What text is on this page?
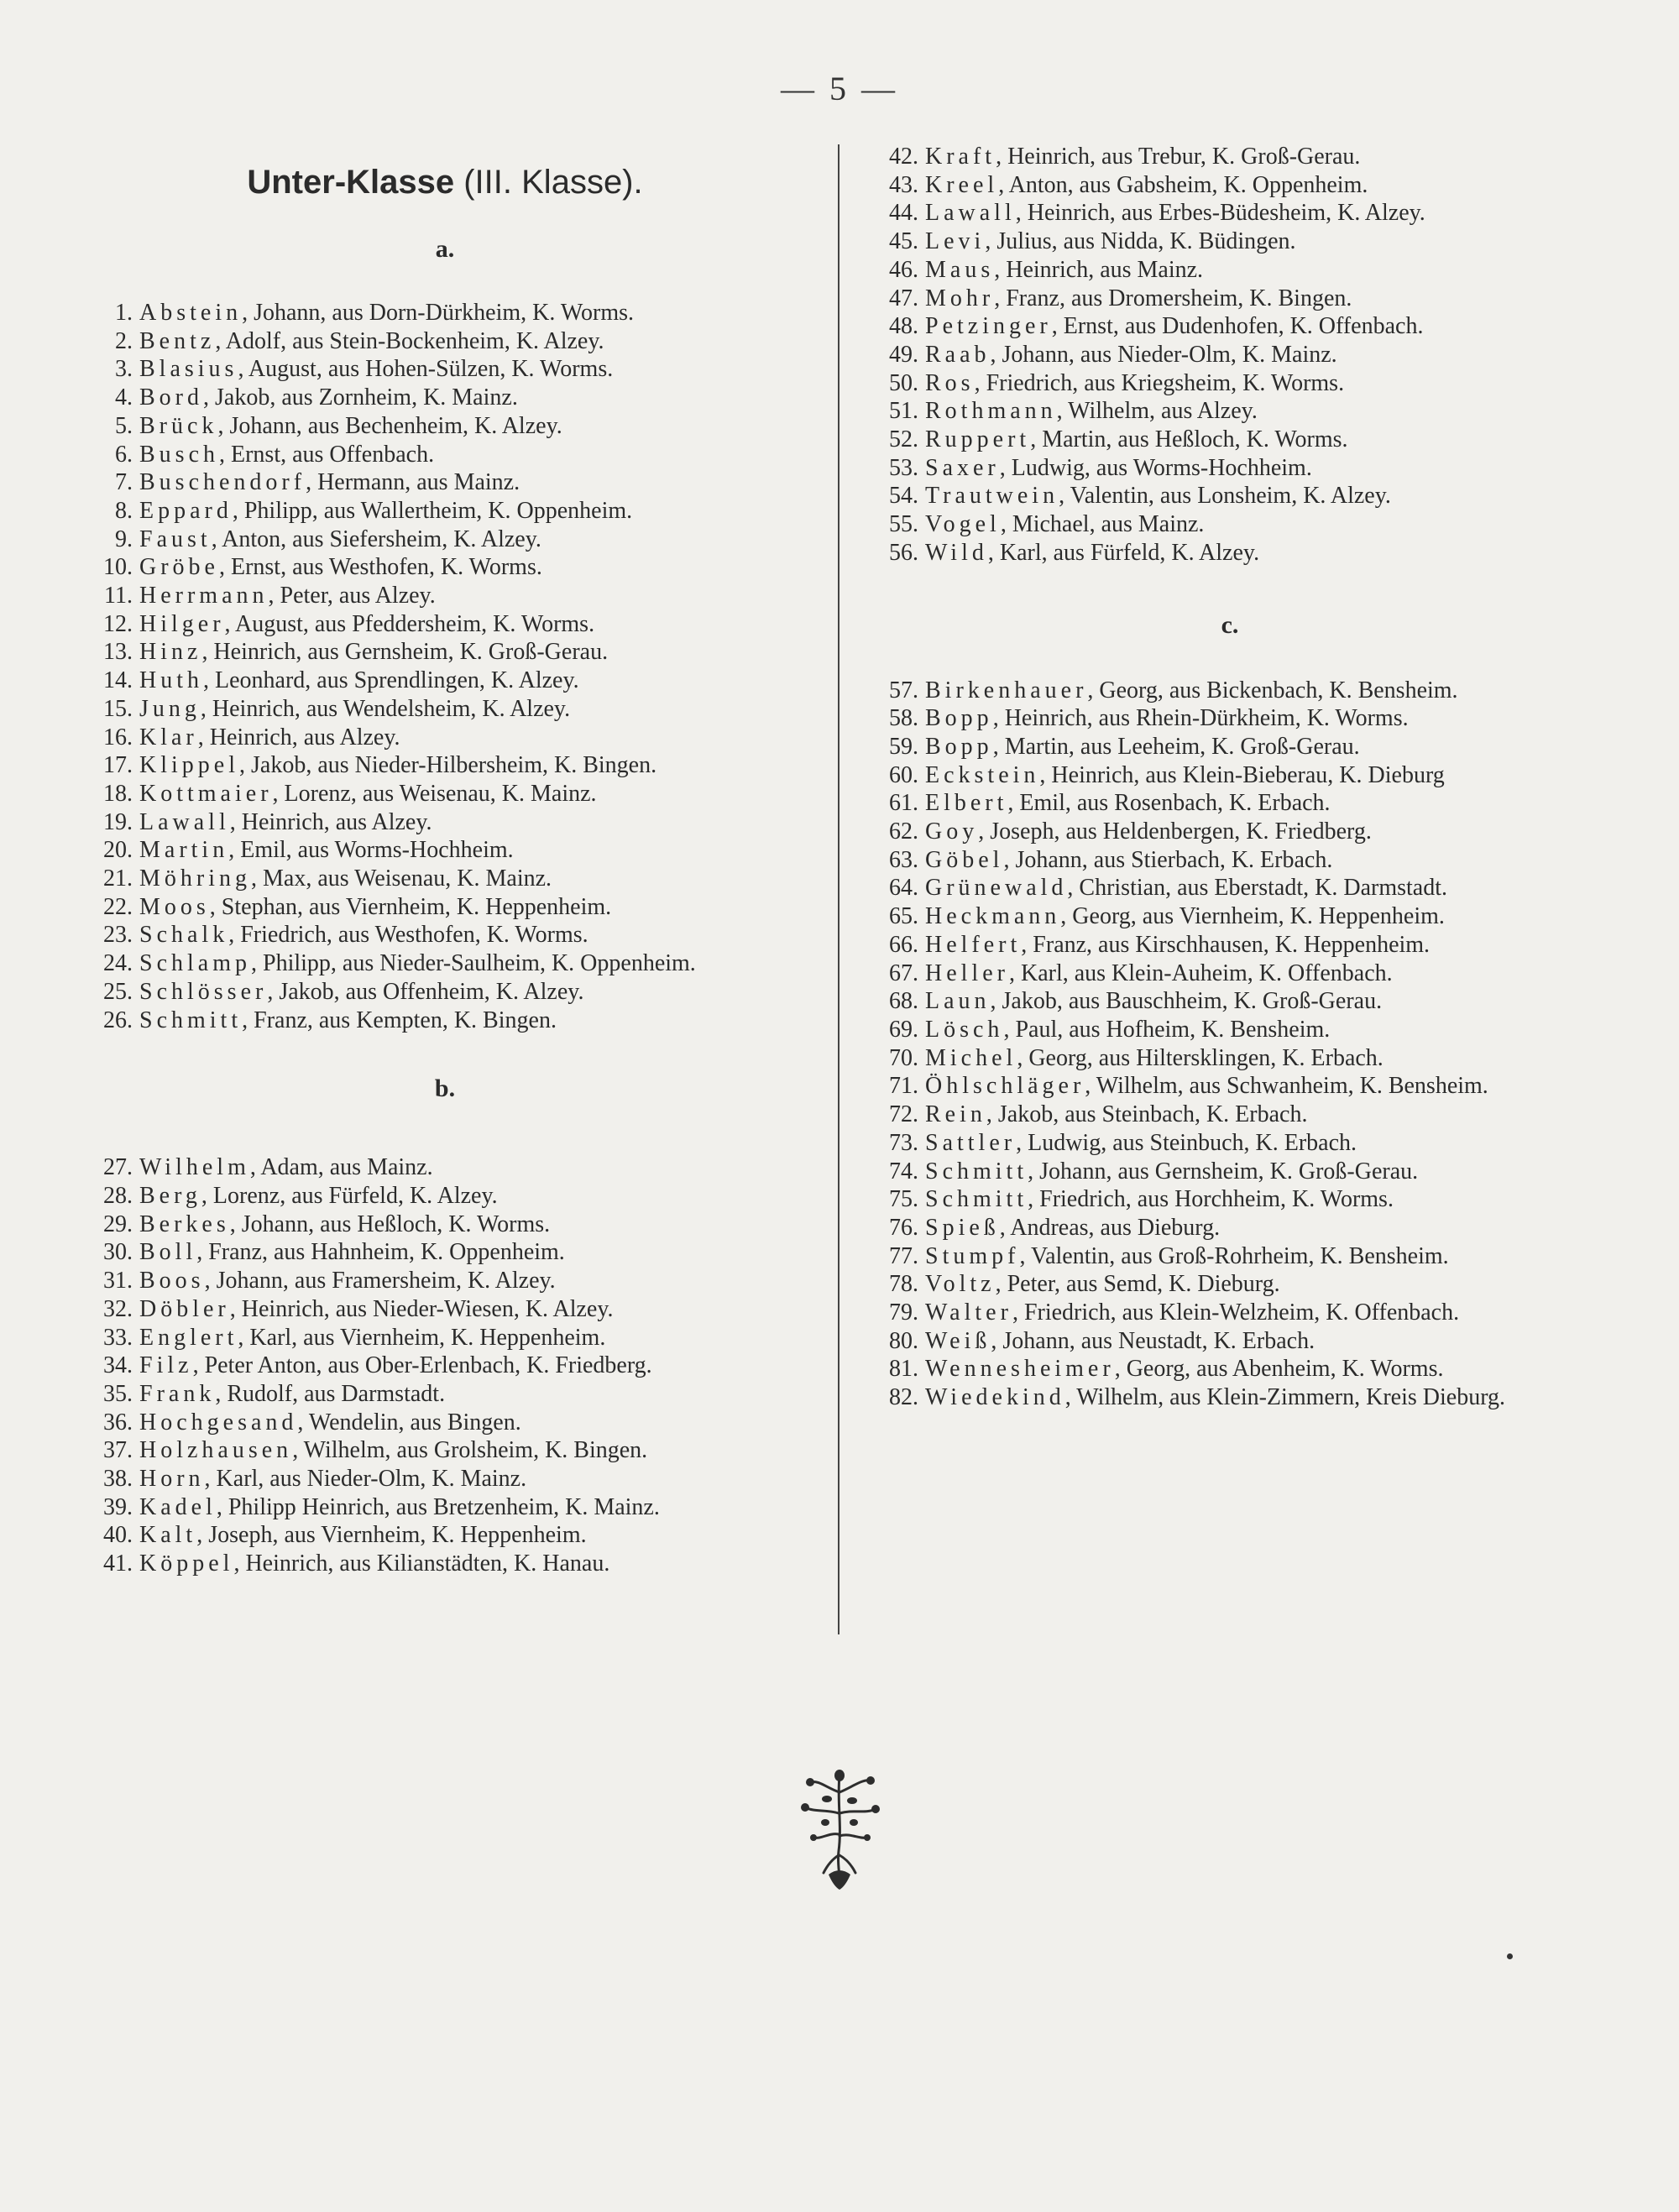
— 5 —
Unter-Klasse (III. Klasse).
a.
1. Abstein, Johann, aus Dorn-Dürkheim, K. Worms.
2. Bentz, Adolf, aus Stein-Bockenheim, K. Alzey.
3. Blasius, August, aus Hohen-Sülzen, K. Worms.
4. Bord, Jakob, aus Zornheim, K. Mainz.
5. Brück, Johann, aus Bechenheim, K. Alzey.
6. Busch, Ernst, aus Offenbach.
7. Buschendorf, Hermann, aus Mainz.
8. Eppard, Philipp, aus Wallertheim, K. Oppenheim.
9. Faust, Anton, aus Siefersheim, K. Alzey.
10. Gröbe, Ernst, aus Westhofen, K. Worms.
11. Herrmann, Peter, aus Alzey.
12. Hilger, August, aus Pfeddersheim, K. Worms.
13. Hinz, Heinrich, aus Gernsheim, K. Groß-Gerau.
14. Huth, Leonhard, aus Sprendlingen, K. Alzey.
15. Jung, Heinrich, aus Wendelsheim, K. Alzey.
16. Klar, Heinrich, aus Alzey.
17. Klippel, Jakob, aus Nieder-Hilbersheim, K. Bingen.
18. Kottmaier, Lorenz, aus Weisenau, K. Mainz.
19. Lawall, Heinrich, aus Alzey.
20. Martin, Emil, aus Worms-Hochheim.
21. Möhring, Max, aus Weisenau, K. Mainz.
22. Moos, Stephan, aus Viernheim, K. Heppenheim.
23. Schalk, Friedrich, aus Westhofen, K. Worms.
24. Schlamp, Philipp, aus Nieder-Saulheim, K. Oppenheim.
25. Schlösser, Jakob, aus Offenheim, K. Alzey.
26. Schmitt, Franz, aus Kempten, K. Bingen.
b.
27. Wilhelm, Adam, aus Mainz.
28. Berg, Lorenz, aus Fürfeld, K. Alzey.
29. Berkes, Johann, aus Heßloch, K. Worms.
30. Boll, Franz, aus Hahnheim, K. Oppenheim.
31. Boos, Johann, aus Framersheim, K. Alzey.
32. Döbler, Heinrich, aus Nieder-Wiesen, K. Alzey.
33. Englert, Karl, aus Viernheim, K. Heppenheim.
34. Filz, Peter Anton, aus Ober-Erlenbach, K. Friedberg.
35. Frank, Rudolf, aus Darmstadt.
36. Hochgesand, Wendelin, aus Bingen.
37. Holzhausen, Wilhelm, aus Grolsheim, K. Bingen.
38. Horn, Karl, aus Nieder-Olm, K. Mainz.
39. Kadel, Philipp Heinrich, aus Bretzenheim, K. Mainz.
40. Kalt, Joseph, aus Viernheim, K. Heppenheim.
41. Köppel, Heinrich, aus Kilianstädten, K. Hanau.
42. Kraft, Heinrich, aus Trebur, K. Groß-Gerau.
43. Kreel, Anton, aus Gabsheim, K. Oppenheim.
44. Lawall, Heinrich, aus Erbes-Büdesheim, K. Alzey.
45. Levi, Julius, aus Nidda, K. Büdingen.
46. Maus, Heinrich, aus Mainz.
47. Mohr, Franz, aus Dromersheim, K. Bingen.
48. Petzinger, Ernst, aus Dudenhofen, K. Offenbach.
49. Raab, Johann, aus Nieder-Olm, K. Mainz.
50. Ros, Friedrich, aus Kriegsheim, K. Worms.
51. Rothmann, Wilhelm, aus Alzey.
52. Ruppert, Martin, aus Heßloch, K. Worms.
53. Saxer, Ludwig, aus Worms-Hochheim.
54. Trautwein, Valentin, aus Lonsheim, K. Alzey.
55. Vogel, Michael, aus Mainz.
56. Wild, Karl, aus Fürfeld, K. Alzey.
c.
57. Birkenhauer, Georg, aus Bickenbach, K. Bensheim.
58. Bopp, Heinrich, aus Rhein-Dürkheim, K. Worms.
59. Bopp, Martin, aus Leeheim, K. Groß-Gerau.
60. Eckstein, Heinrich, aus Klein-Bieberau, K. Dieburg
61. Elbert, Emil, aus Rosenbach, K. Erbach.
62. Goy, Joseph, aus Heldenbergen, K. Friedberg.
63. Göbel, Johann, aus Stierbach, K. Erbach.
64. Grünewald, Christian, aus Eberstadt, K. Darmstadt.
65. Heckmann, Georg, aus Viernheim, K. Heppenheim.
66. Helfert, Franz, aus Kirschhausen, K. Heppenheim.
67. Heller, Karl, aus Klein-Auheim, K. Offenbach.
68. Laun, Jakob, aus Bauschheim, K. Groß-Gerau.
69. Lösch, Paul, aus Hofheim, K. Bensheim.
70. Michel, Georg, aus Hiltersklingen, K. Erbach.
71. Öhlschläger, Wilhelm, aus Schwanheim, K. Bensheim.
72. Rein, Jakob, aus Steinbach, K. Erbach.
73. Sattler, Ludwig, aus Steinbuch, K. Erbach.
74. Schmitt, Johann, aus Gernsheim, K. Groß-Gerau.
75. Schmitt, Friedrich, aus Horchheim, K. Worms.
76. Spieß, Andreas, aus Dieburg.
77. Stumpf, Valentin, aus Groß-Rohrheim, K. Bensheim.
78. Voltz, Peter, aus Semd, K. Dieburg.
79. Walter, Friedrich, aus Klein-Welzheim, K. Offenbach.
80. Weiß, Johann, aus Neustadt, K. Erbach.
81. Wennesheimer, Georg, aus Abenheim, K. Worms.
82. Wiedekind, Wilhelm, aus Klein-Zimmern, Kreis Dieburg.
